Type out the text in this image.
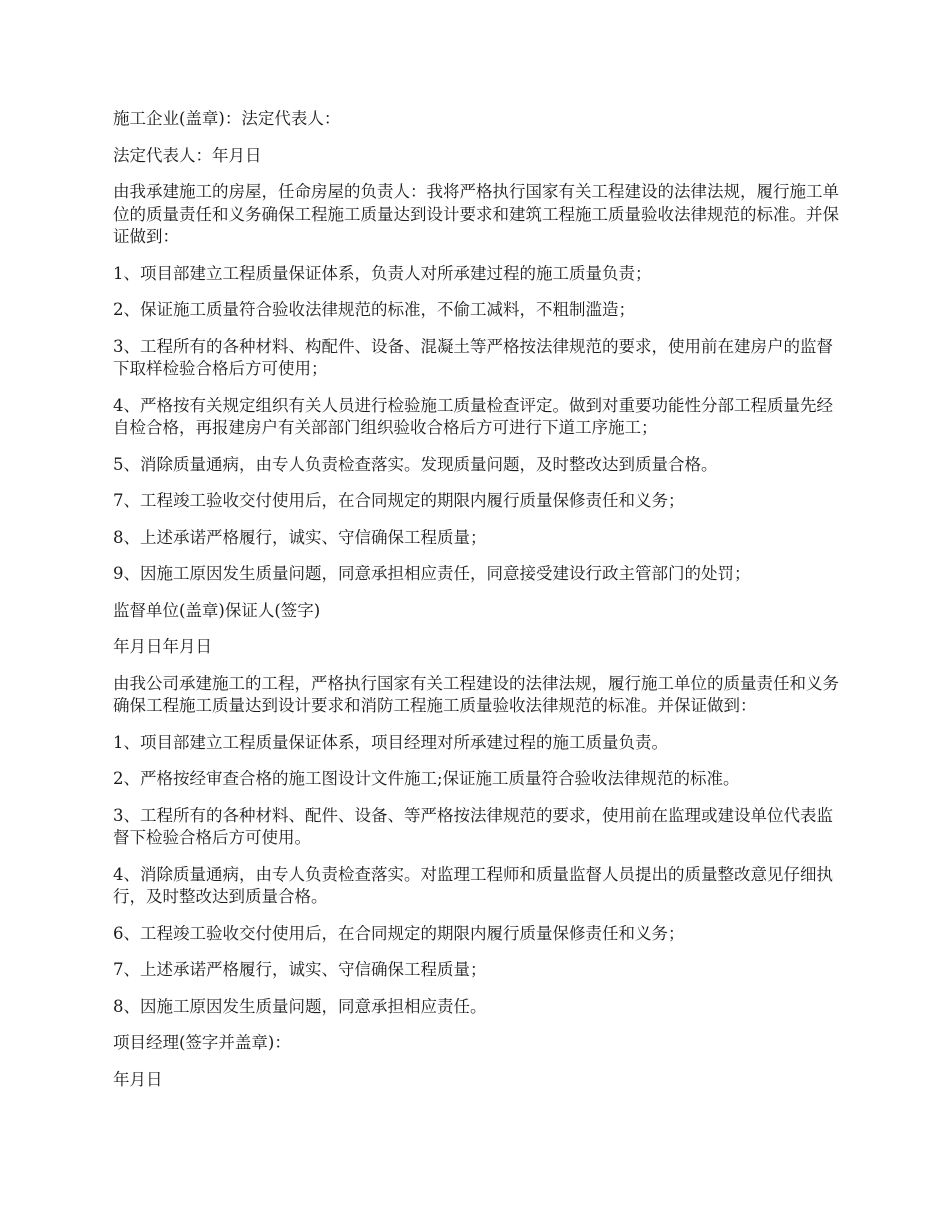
施工企业(盖章)：法定代表人：

法定代表人：年月日

由我承建施工的房屋，任命房屋的负责人：我将严格执行国家有关工程建设的法律法规，履行施工单位的质量责任和义务确保工程施工质量达到设计要求和建筑工程施工质量验收法律规范的标准。并保证做到：

1、项目部建立工程质量保证体系，负责人对所承建过程的施工质量负责；

2、保证施工质量符合验收法律规范的标准，不偷工减料，不粗制滥造；

3、工程所有的各种材料、构配件、设备、混凝土等严格按法律规范的要求，使用前在建房户的监督下取样检验合格后方可使用；

4、严格按有关规定组织有关人员进行检验施工质量检查评定。做到对重要功能性分部工程质量先经自检合格，再报建房户有关部部门组织验收合格后方可进行下道工序施工；

5、消除质量通病，由专人负责检查落实。发现质量问题，及时整改达到质量合格。

7、工程竣工验收交付使用后，在合同规定的期限内履行质量保修责任和义务；

8、上述承诺严格履行，诚实、守信确保工程质量；

9、因施工原因发生质量问题，同意承担相应责任，同意接受建设行政主管部门的处罚；

监督单位(盖章)保证人(签字)

年月日年月日

由我公司承建施工的工程，严格执行国家有关工程建设的法律法规，履行施工单位的质量责任和义务确保工程施工质量达到设计要求和消防工程施工质量验收法律规范的标准。并保证做到：

1、项目部建立工程质量保证体系，项目经理对所承建过程的施工质量负责。

2、严格按经审查合格的施工图设计文件施工;保证施工质量符合验收法律规范的标准。

3、工程所有的各种材料、配件、设备、等严格按法律规范的要求，使用前在监理或建设单位代表监督下检验合格后方可使用。

4、消除质量通病，由专人负责检查落实。对监理工程师和质量监督人员提出的质量整改意见仔细执行，及时整改达到质量合格。

6、工程竣工验收交付使用后，在合同规定的期限内履行质量保修责任和义务；

7、上述承诺严格履行，诚实、守信确保工程质量；

8、因施工原因发生质量问题，同意承担相应责任。

项目经理(签字并盖章)：

年月日
